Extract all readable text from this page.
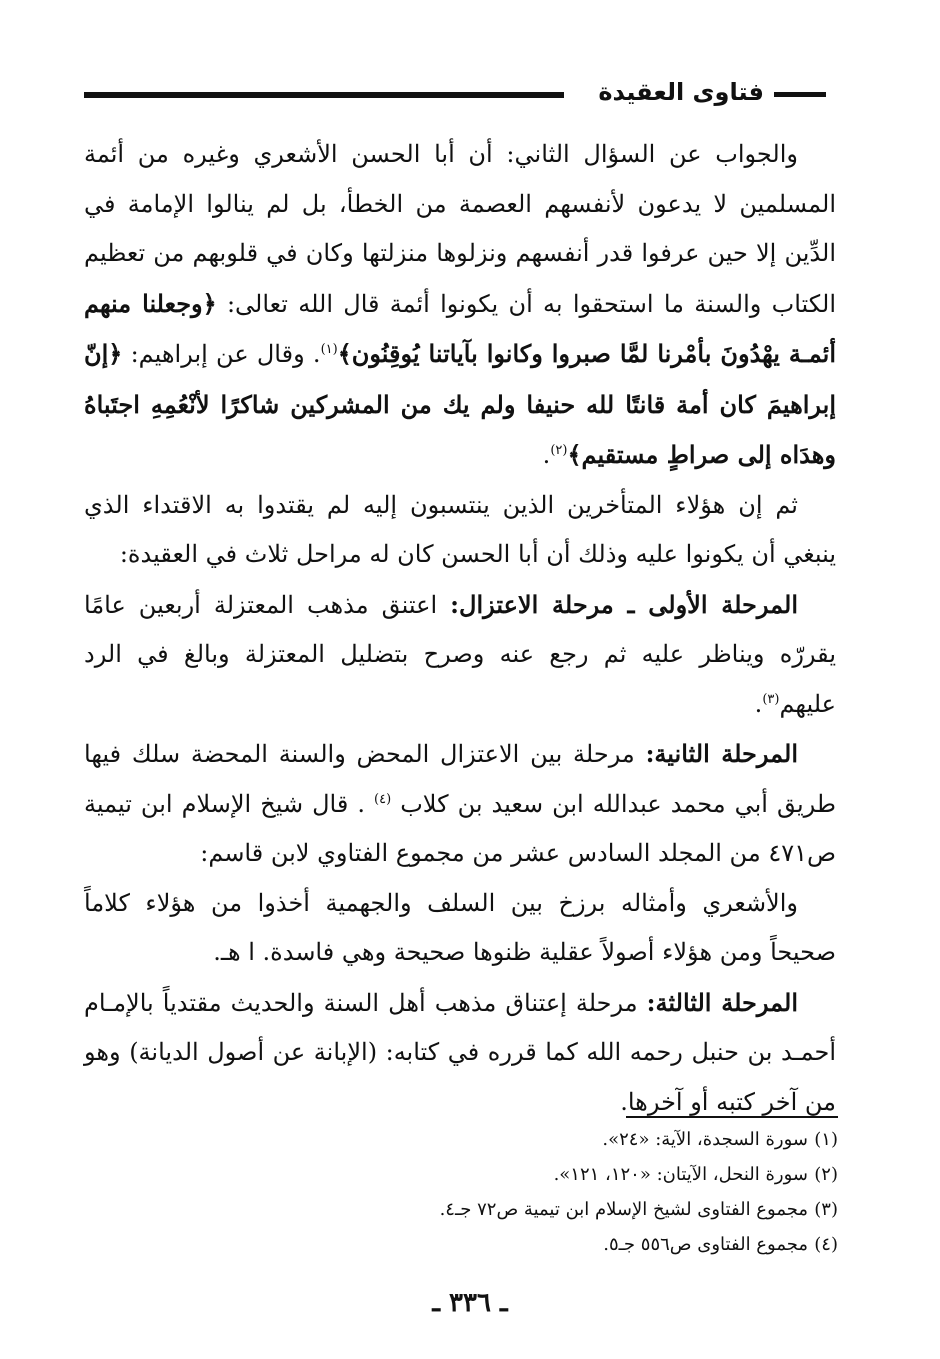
فتاوى العقيدة

والجواب عن السؤال الثاني: أن أبا الحسن الأشعري وغيره من أئمة المسلمين لا يدعون لأنفسهم العصمة من الخطأ، بل لم ينالوا الإمامة في الدِّين إلا حين عرفوا قدر أنفسهم ونزلوها منزلتها وكان في قلوبهم من تعظيم الكتاب والسنة ما استحقوا به أن يكونوا أئمة قال الله تعالى: ﴿وجعلنا منهم أئمـة يهْدُونَ بأمْرنا لمَّا صبروا وكانوا بآياتنا يُوقِنُون﴾$^{(١)}$. وقال عن إبراهيم: ﴿إنّ إبراهيمَ كان أمة قانتًا لله حنيفا ولم يك من المشركين شاكرًا لأنْعُمِهِ اجتَباهُ وهدَاه إلى صراطٍ مستقيم﴾$^{(٢)}$.

ثم إن هؤلاء المتأخرين الذين ينتسبون إليه لم يقتدوا به الاقتداء الذي ينبغي أن يكونوا عليه وذلك أن أبا الحسن كان له مراحل ثلاث في العقيدة:

المرحلة الأولى ـ مرحلة الاعتزال: اعتنق مذهب المعتزلة أربعين عامًا يقررّه ويناظر عليه ثم رجع عنه وصرح بتضليل المعتزلة وبالغ في الرد عليهم$^{(٣)}$.

المرحلة الثانية: مرحلة بين الاعتزال المحض والسنة المحضة سلك فيها طريق أبي محمد عبدالله ابن سعيد بن كلاب $^{(٤)}$ . قال شيخ الإسلام ابن تيمية ص٤٧١ من المجلد السادس عشر من مجموع الفتاوي لابن قاسم:

والأشعري وأمثاله برزخ بين السلف والجهمية أخذوا من هؤلاء كلاماً صحيحاً ومن هؤلاء أصولاً عقلية ظنوها صحيحة وهي فاسدة. ا هـ.

المرحلة الثالثة: مرحلة إعتناق مذهب أهل السنة والحديث مقتدياً بالإمـام أحمـد بن حنبل رحمه الله كما قرره في كتابه: (الإبانة عن أصول الديانة) وهو من آخر كتبه أو آخرها.

(١)سورة السجدة، الآية: «٢٤».
(٢)سورة النحل، الآيتان: «١٢٠، ١٢١».
(٣)مجموع الفتاوى لشيخ الإسلام ابن تيمية ص٧٢ جـ٤.
(٤)مجموع الفتاوى ص٥٥٦ جـ٥.
ـ ٣٣٦ ـ
